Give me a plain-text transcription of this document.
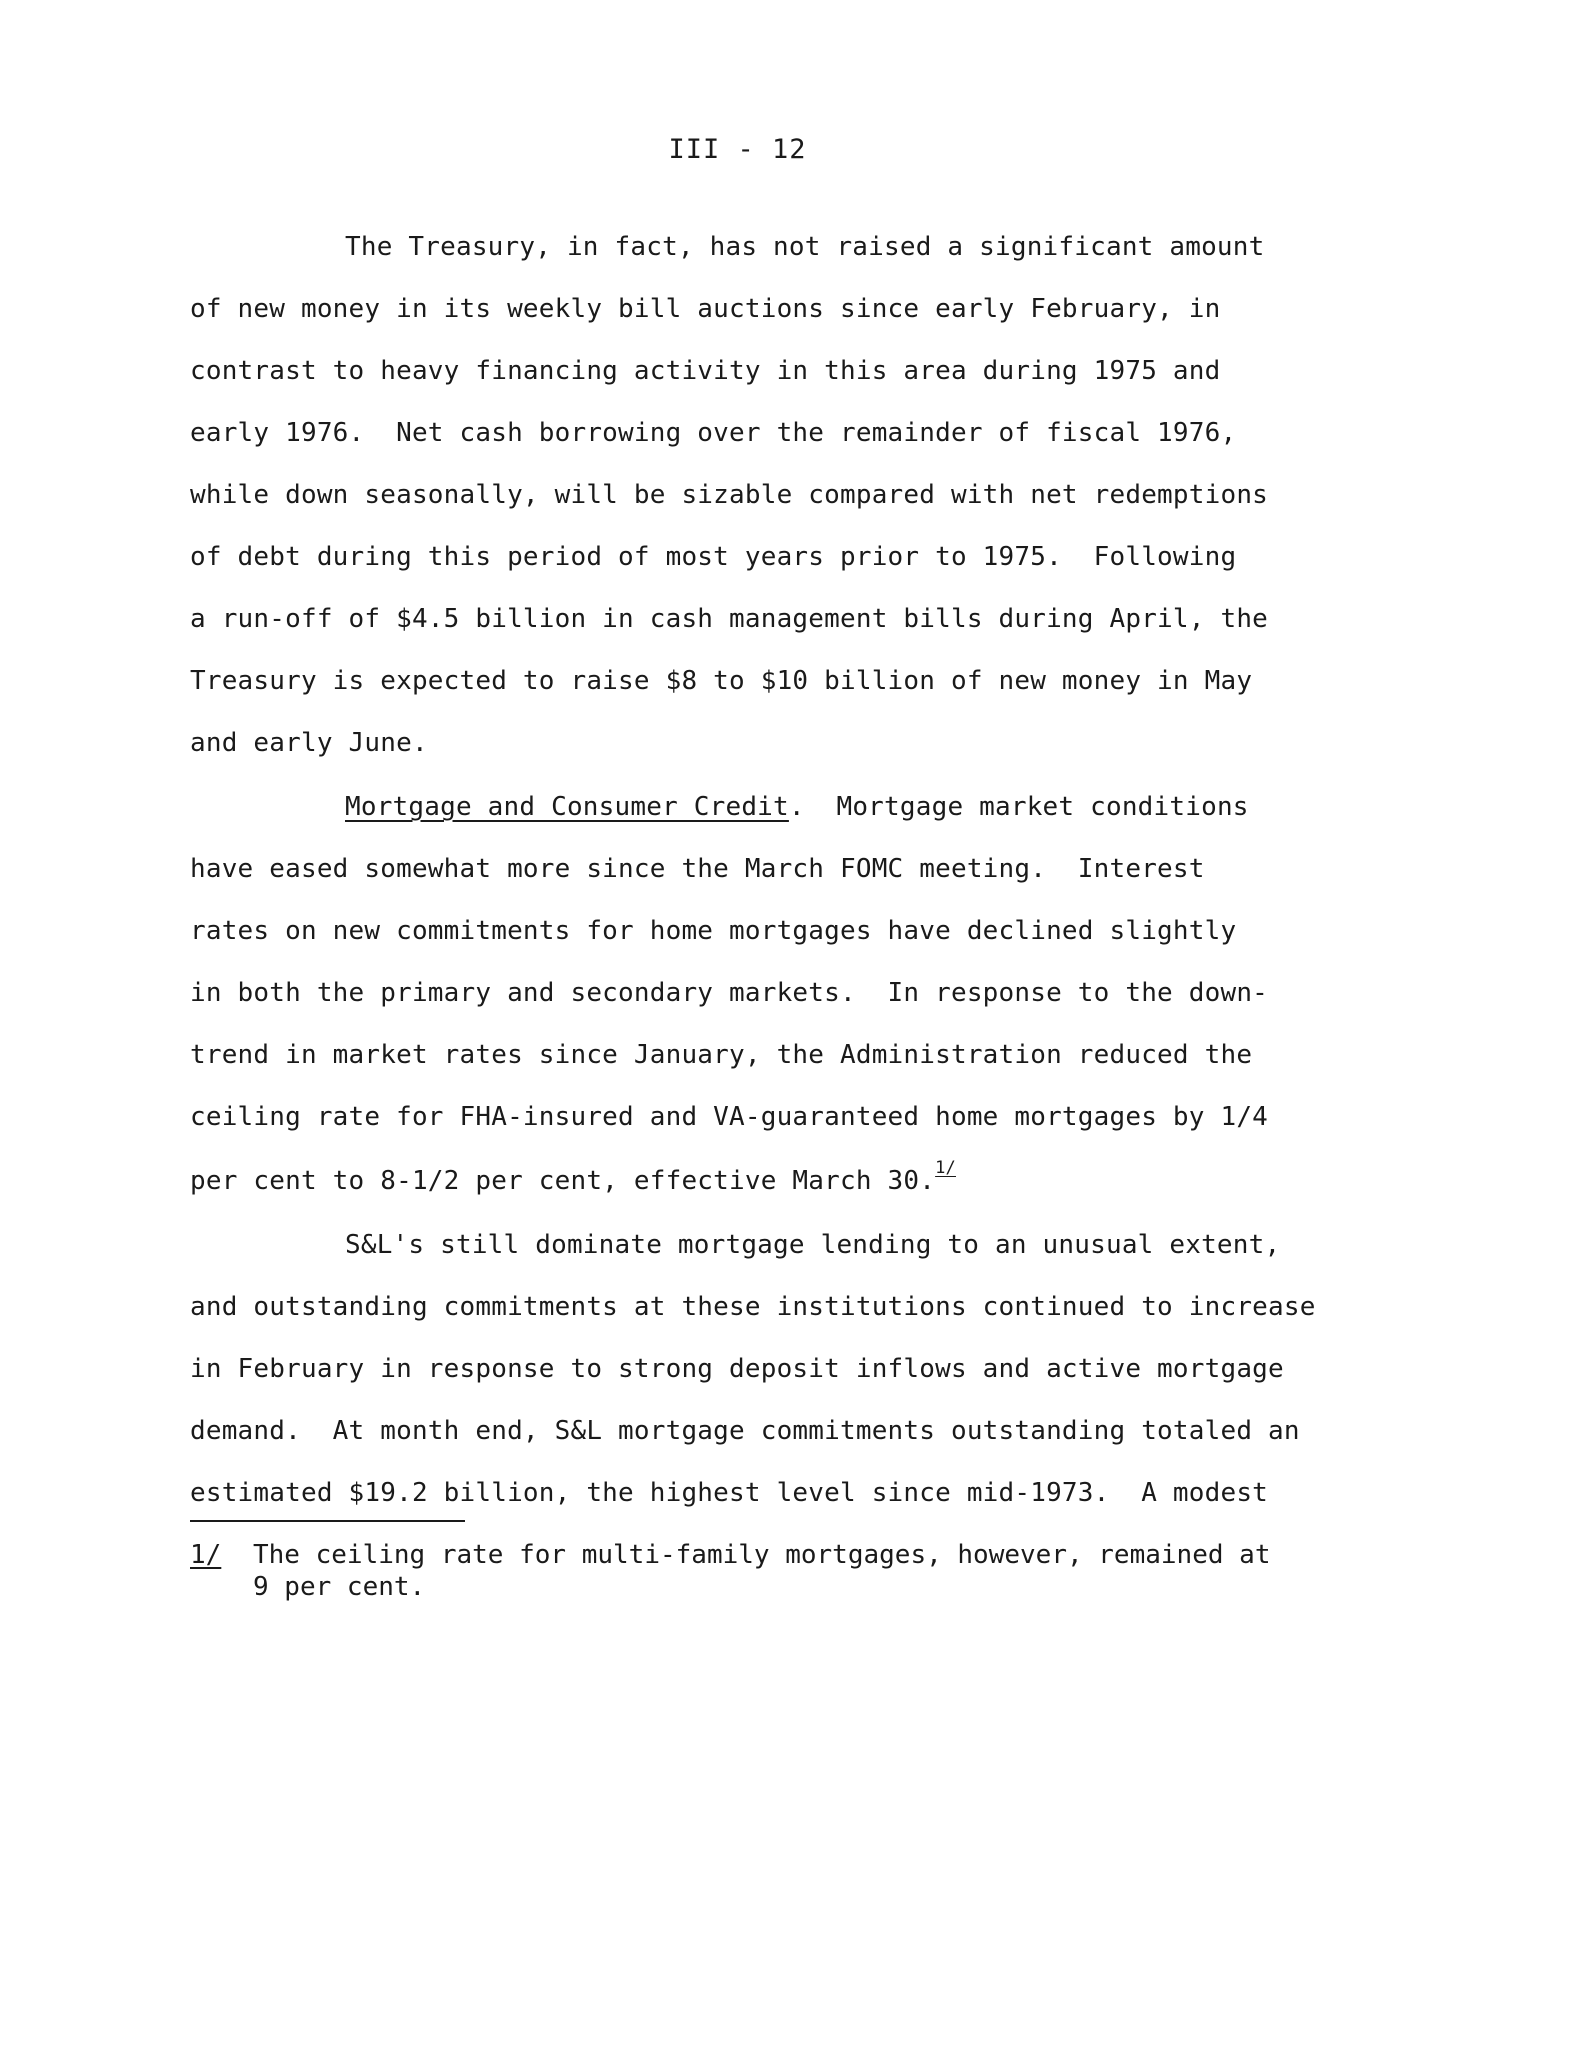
III - 12
The Treasury, in fact, has not raised a significant amount
of new money in its weekly bill auctions since early February, in
contrast to heavy financing activity in this area during 1975 and
early 1976.  Net cash borrowing over the remainder of fiscal 1976,
while down seasonally, will be sizable compared with net redemptions
of debt during this period of most years prior to 1975.  Following
a run-off of $4.5 billion in cash management bills during April, the
Treasury is expected to raise $8 to $10 billion of new money in May
and early June.
Mortgage and Consumer Credit.  Mortgage market conditions
have eased somewhat more since the March FOMC meeting.  Interest
rates on new commitments for home mortgages have declined slightly
in both the primary and secondary markets.  In response to the down-
trend in market rates since January, the Administration reduced the
ceiling rate for FHA-insured and VA-guaranteed home mortgages by 1/4
per cent to 8-1/2 per cent, effective March 30.$^{1/}$
S&L's still dominate mortgage lending to an unusual extent,
and outstanding commitments at these institutions continued to increase
in February in response to strong deposit inflows and active mortgage
demand.  At month end, S&L mortgage commitments outstanding totaled an
estimated $19.2 billion, the highest level since mid-1973.  A modest
1/ The ceiling rate for multi-family mortgages, however, remained at
9 per cent.
